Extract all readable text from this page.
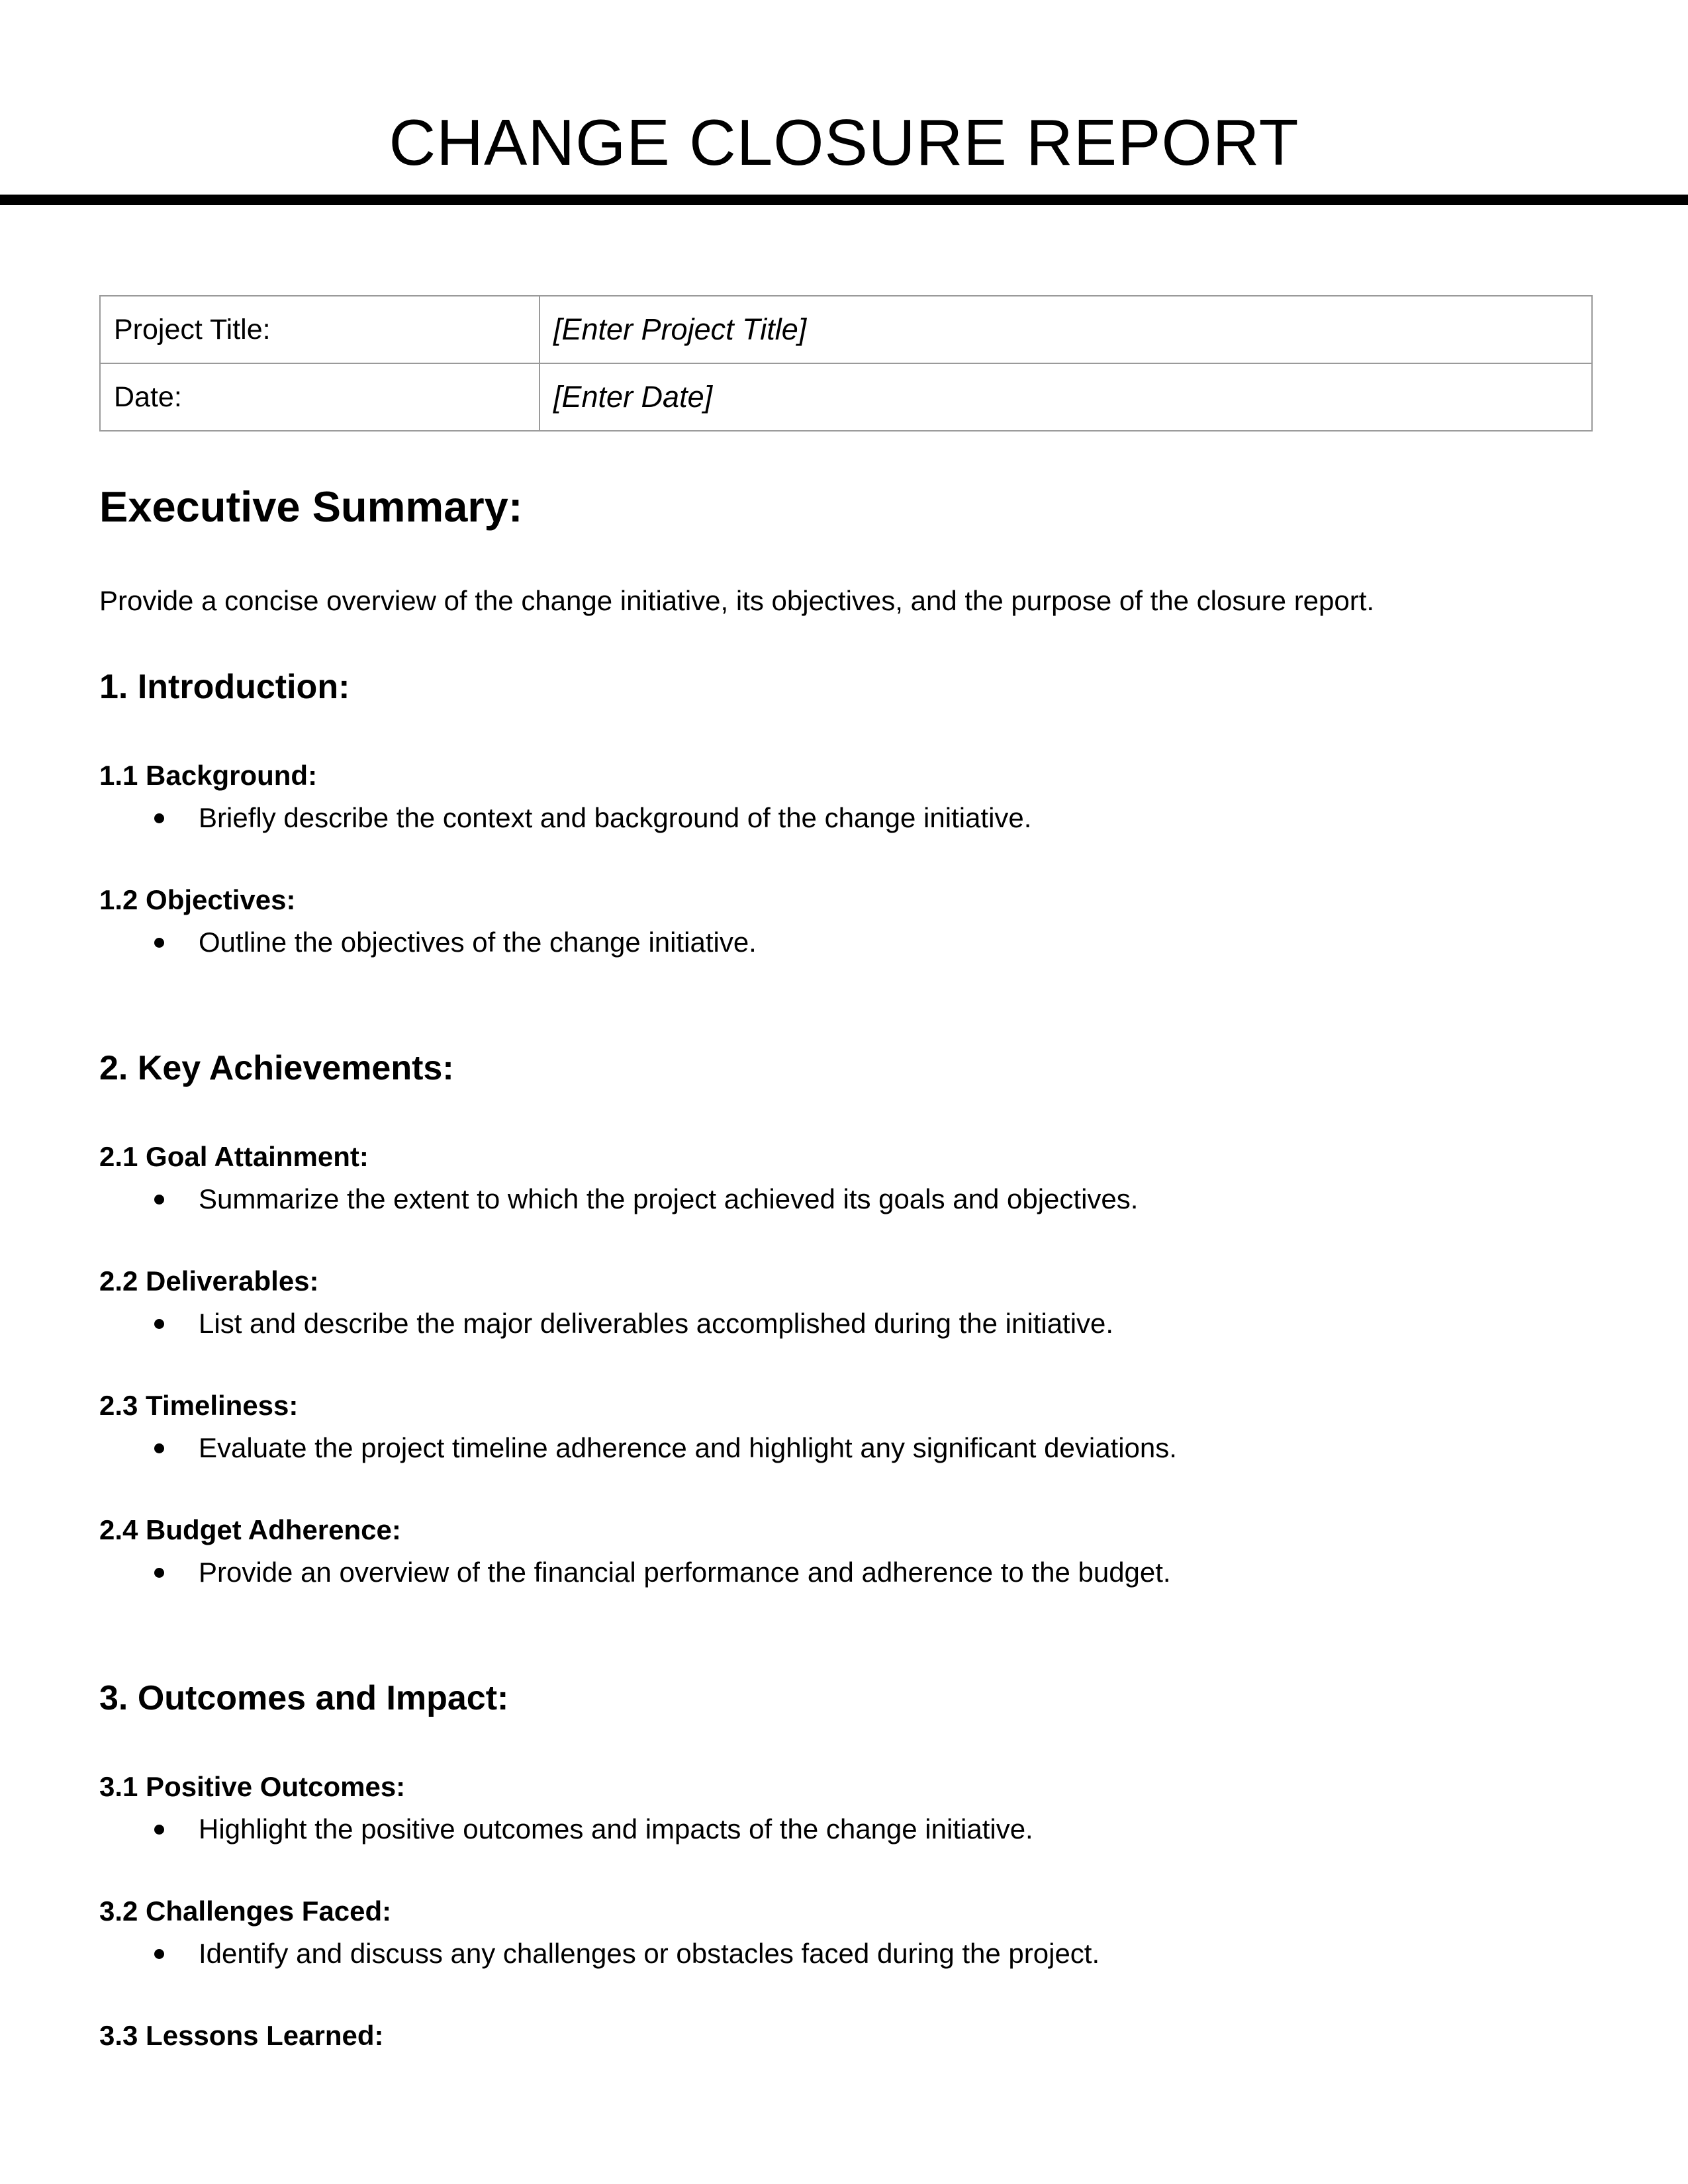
CHANGE CLOSURE REPORT
Project Title:	[Enter Project Title]
Date:	[Enter Date]
Executive Summary:

Provide a concise overview of the change initiative, its objectives, and the purpose of the closure report.

1. Introduction:
1.1 Background:
Briefly describe the context and background of the change initiative.
1.2 Objectives:
Outline the objectives of the change initiative.
2. Key Achievements:
2.1 Goal Attainment:
Summarize the extent to which the project achieved its goals and objectives.
2.2 Deliverables:
List and describe the major deliverables accomplished during the initiative.
2.3 Timeliness:
Evaluate the project timeline adherence and highlight any significant deviations.
2.4 Budget Adherence:
Provide an overview of the financial performance and adherence to the budget.
3. Outcomes and Impact:
3.1 Positive Outcomes:
Highlight the positive outcomes and impacts of the change initiative.
3.2 Challenges Faced:
Identify and discuss any challenges or obstacles faced during the project.
3.3 Lessons Learned:
